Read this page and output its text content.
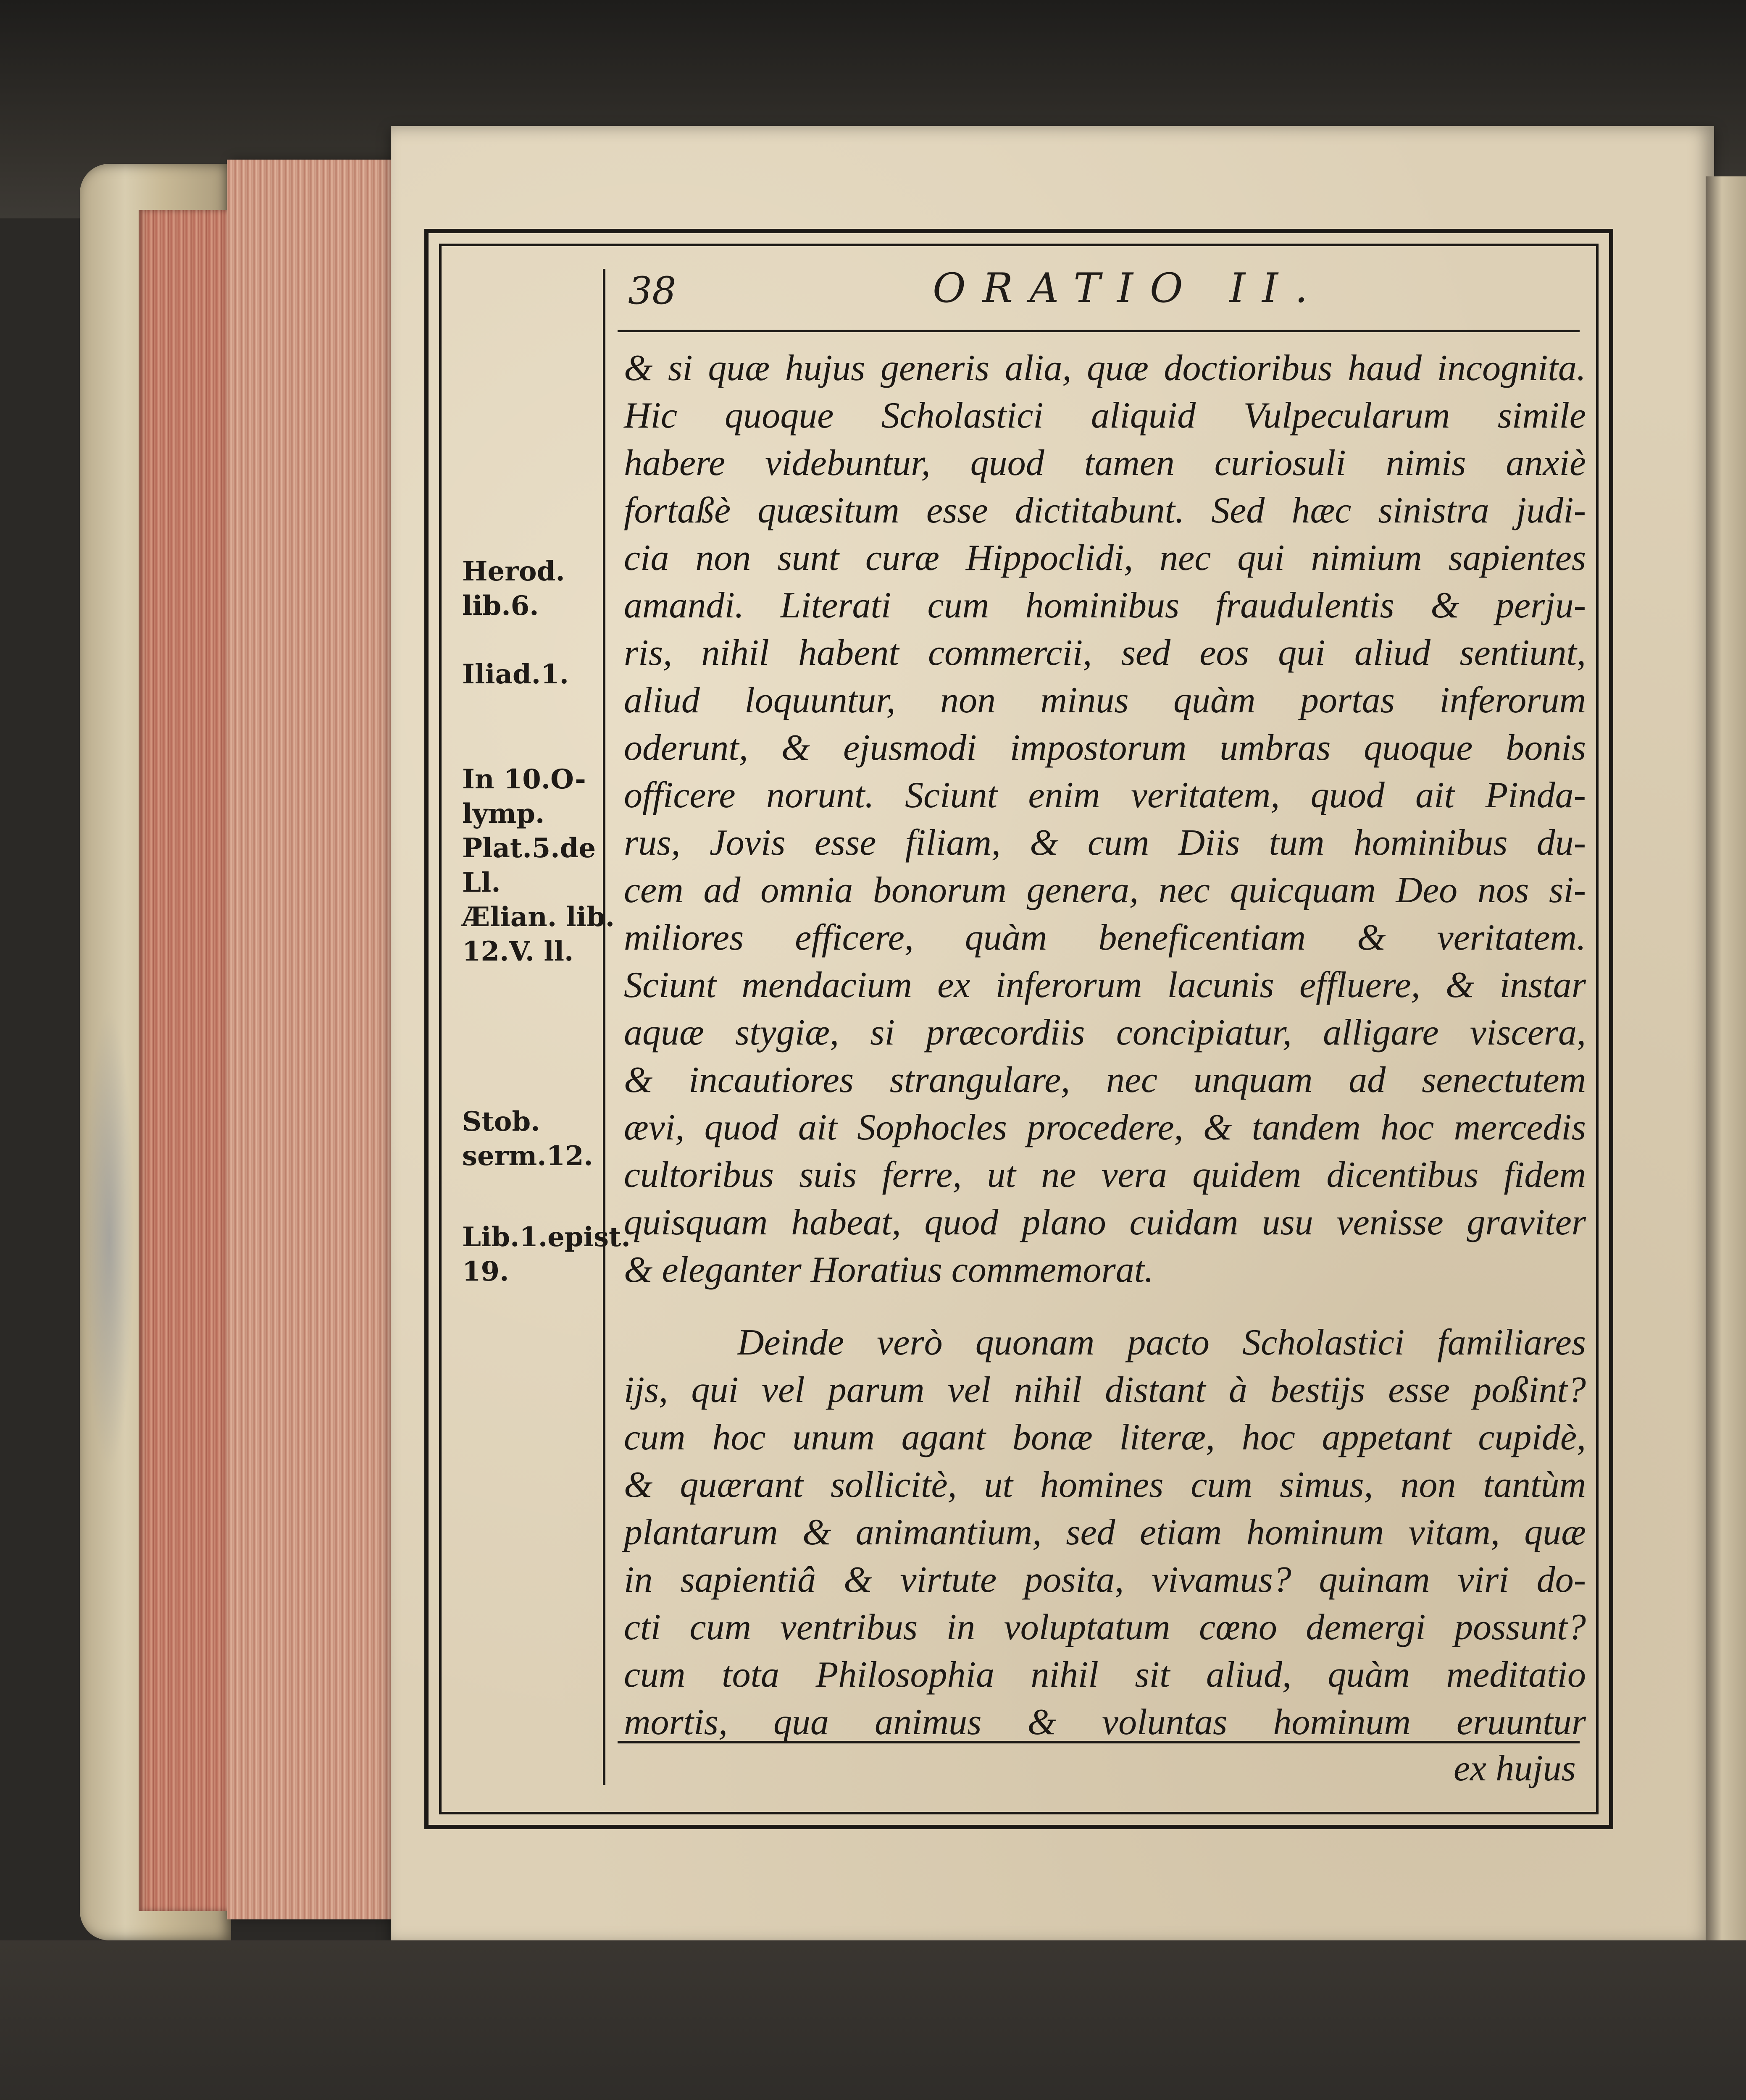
38	ORATIO II.
Herod.
lib.6.
Iliad.1.
In 10.O-
lymp.
Plat.5.de
Ll.
Ælian. lib.
12.V. ll.
Stob.
serm.12.
Lib.1.epist.
19.
& si quæ hujus generis alia, quæ doctioribus haud incognita.
Hic quoque Scholastici aliquid Vulpecularum simile
habere videbuntur, quod tamen curiosuli nimis anxiè
fortaßè quæsitum esse dictitabunt. Sed hæc sinistra judi-
cia non sunt curæ Hippoclidi, nec qui nimium sapientes
amandi. Literati cum hominibus fraudulentis & perju-
ris, nihil habent commercii, sed eos qui aliud sentiunt,
aliud loquuntur, non minus quàm portas inferorum
oderunt, & ejusmodi impostorum umbras quoque bonis
officere norunt. Sciunt enim veritatem, quod ait Pinda-
rus, Jovis esse filiam, & cum Diis tum hominibus du-
cem ad omnia bonorum genera, nec quicquam Deo nos si-
miliores efficere, quàm beneficentiam & veritatem.
Sciunt mendacium ex inferorum lacunis effluere, & instar
aquæ stygiæ, si præcordiis concipiatur, alligare viscera,
& incautiores strangulare, nec unquam ad senectutem
ævi, quod ait Sophocles procedere, & tandem hoc mercedis
cultoribus suis ferre, ut ne vera quidem dicentibus fidem
quisquam habeat, quod plano cuidam usu venisse graviter
& eleganter Horatius commemorat.
Deinde verò quonam pacto Scholastici familiares
ijs, qui vel parum vel nihil distant à bestijs esse poßint?
cum hoc unum agant bonæ literæ, hoc appetant cupidè,
& quærant sollicitè, ut homines cum simus, non tantùm
plantarum & animantium, sed etiam hominum vitam, quæ
in sapientiâ & virtute posita, vivamus? quinam viri do-
cti cum ventribus in voluptatum cœno demergi possunt?
cum tota Philosophia nihil sit aliud, quàm meditatio
mortis, qua animus & voluntas hominum eruuntur
ex hujus
